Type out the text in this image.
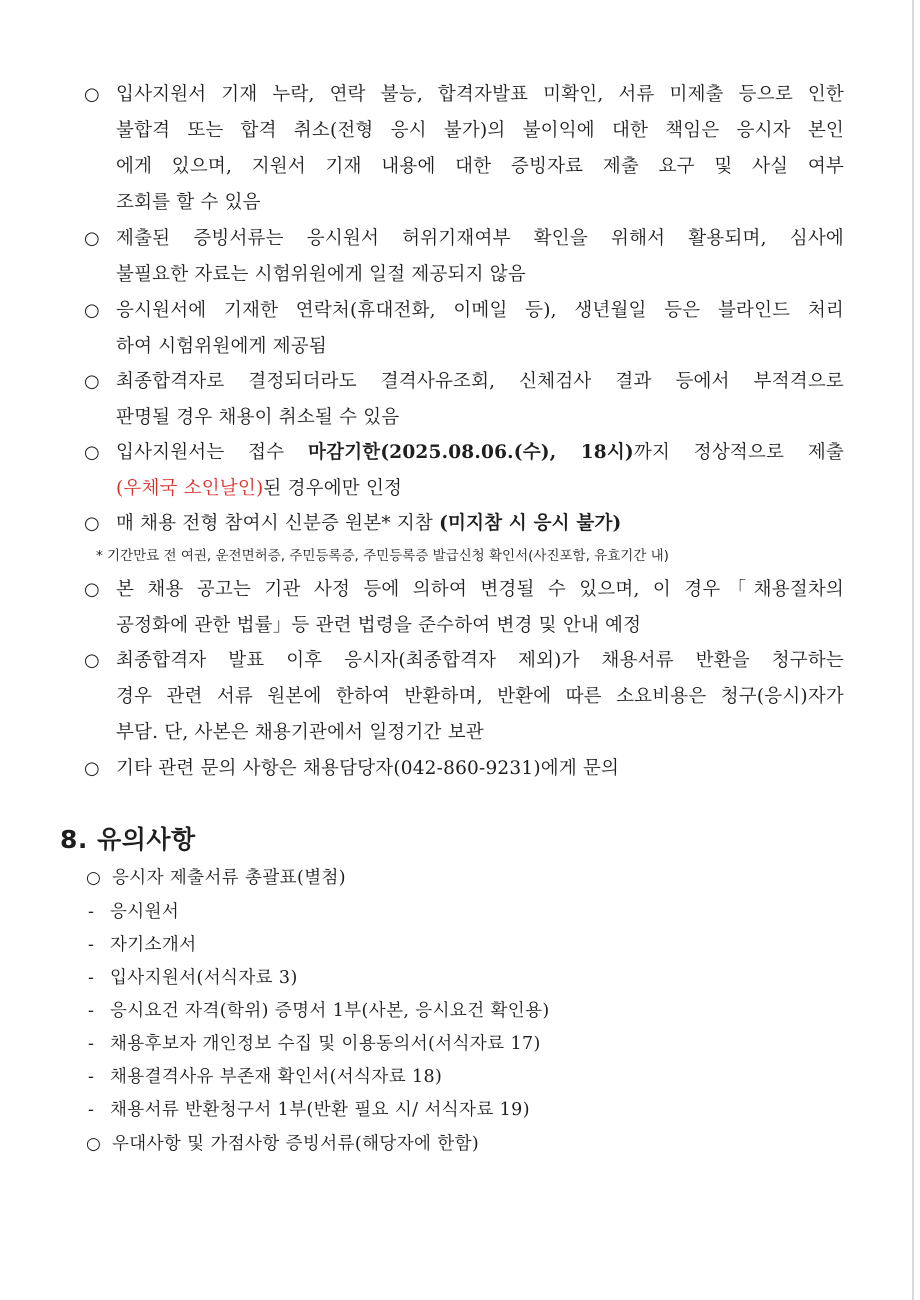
○ 입사지원서 기재 누락, 연락 불능, 합격자발표 미확인, 서류 미제출 등으로 인한
불합격 또는 합격 취소(전형 응시 불가)의 불이익에 대한 책임은 응시자 본인
에게 있으며, 지원서 기재 내용에 대한 증빙자료 제출 요구 및 사실 여부
조회를 할 수 있음
○ 제출된 증빙서류는 응시원서 허위기재여부 확인을 위해서 활용되며, 심사에
불필요한 자료는 시험위원에게 일절 제공되지 않음
○ 응시원서에 기재한 연락처(휴대전화, 이메일 등), 생년월일 등은 블라인드 처리
하여 시험위원에게 제공됨
○ 최종합격자로 결정되더라도 결격사유조회, 신체검사 결과 등에서 부적격으로
판명될 경우 채용이 취소될 수 있음
○ 입사지원서는 접수 마감기한(2025.08.06.(수), 18시)까지 정상적으로 제출
(우체국 소인날인)된 경우에만 인정
○ 매 채용 전형 참여시 신분증 원본* 지참 (미지참 시 응시 불가)
* 기간만료 전 여권, 운전면허증, 주민등록증, 주민등록증 발급신청 확인서(사진포함, 유효기간 내)
○ 본 채용 공고는 기관 사정 등에 의하여 변경될 수 있으며, 이 경우「채용절차의
공정화에 관한 법률」등 관련 법령을 준수하여 변경 및 안내 예정
○ 최종합격자 발표 이후 응시자(최종합격자 제외)가 채용서류 반환을 청구하는
경우 관련 서류 원본에 한하여 반환하며, 반환에 따른 소요비용은 청구(응시)자가
부담. 단, 사본은 채용기관에서 일정기간 보관
○ 기타 관련 문의 사항은 채용담당자(042-860-9231)에게 문의
8. 유의사항
○ 응시자 제출서류 총괄표(별첨)
- 응시원서
- 자기소개서
- 입사지원서(서식자료 3)
- 응시요건 자격(학위) 증명서 1부(사본, 응시요건 확인용)
- 채용후보자 개인정보 수집 및 이용동의서(서식자료 17)
- 채용결격사유 부존재 확인서(서식자료 18)
- 채용서류 반환청구서 1부(반환 필요 시/ 서식자료 19)
○ 우대사항 및 가점사항 증빙서류(해당자에 한함)
